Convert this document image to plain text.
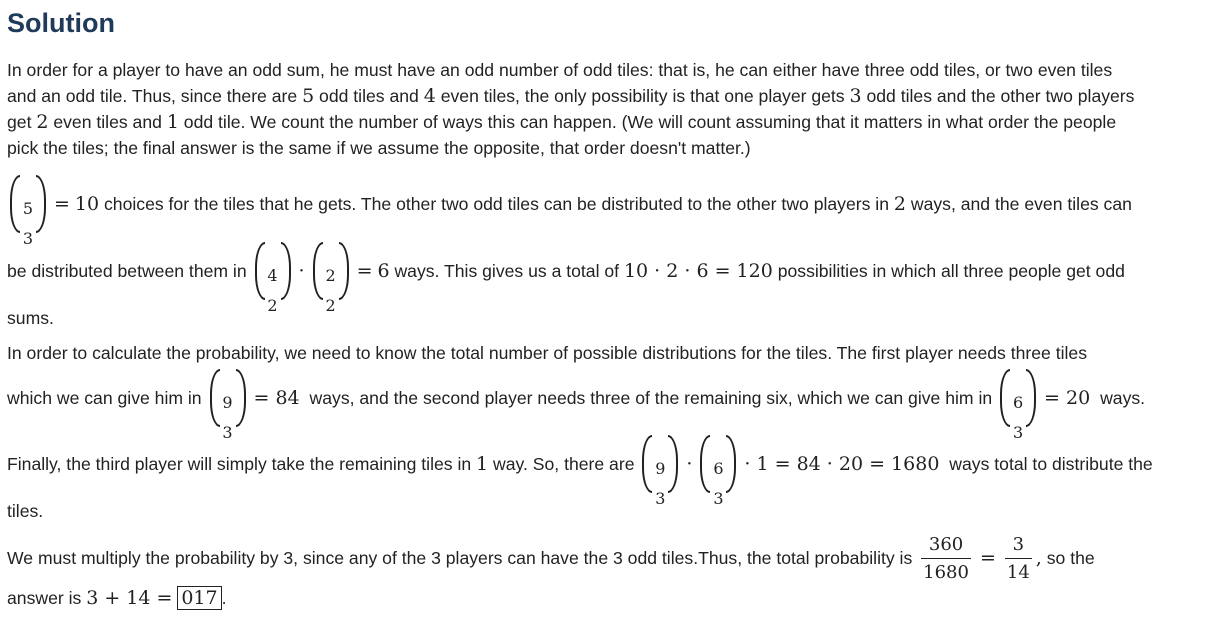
Solution
In order for a player to have an odd sum, he must have an odd number of odd tiles: that is, he can either have three odd tiles, or two even tiles
and an odd tile. Thus, since there are 5 odd tiles and 4 even tiles, the only possibility is that one player gets 3 odd tiles and the other two players
get 2 even tiles and 1 odd tile. We count the number of ways this can happen. (We will count assuming that it matters in what order the people
pick the tiles; the final answer is the same if we assume the opposite, that order doesn't matter.)
5
3
= 10 choices for the tiles that he gets. The other two odd tiles can be distributed to the other two players in 2 ways, and the even tiles can
be distributed between them in 4
2
·	2
2
= 6 ways. This gives us a total of 10 · 2 · 6 = 120 possibilities in which all three people get odd
sums.
In order to calculate the probability, we need to know the total number of possible distributions for the tiles. The first player needs three tiles
which we can give him in 9
3
= 84 ways, and the second player needs three of the remaining six, which we can give him in 6
3
= 20 ways.
Finally, the third player will simply take the remaining tiles in 1 way. So, there are 9
3
·	6
3
· 1 = 84 · 20 = 1680 ways total to distribute the
tiles.
We must multiply the probability by 3, since any of the 3 players can have the 3 odd tiles.Thus, the total probability is $\frac{360}{1680} = \frac{3}{14}$ , so the
answer is 3 + 14 = 017 .
